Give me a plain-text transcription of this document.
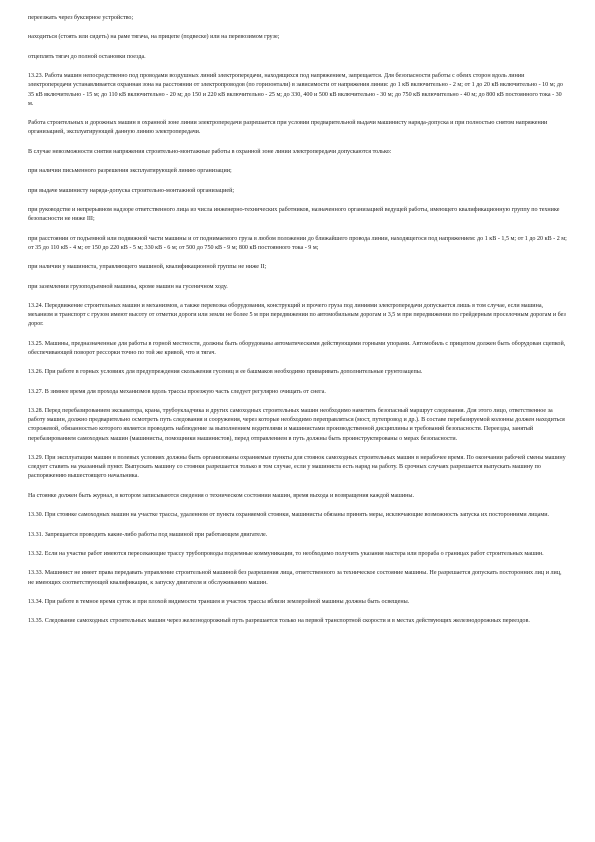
переезжать через буксирное устройство;

находиться (стоять или сидеть) на раме тягача, на прицепе (подвеске) или на перевозимом грузе;

отцеплять тягач до полной остановки поезда.

13.23. Работа машин непосредственно под проводами воздушных линий электропередачи, находящихся под напряжением, запрещается. Для безопасности работы с обеих сторон вдоль линии электропередачи устанавливается охранная зона на расстоянии от электропроводов (по горизонтали) в зависимости от напряжения линии: до 1 кВ включительно - 2 м; от 1 до 20 кВ включительно - 10 м; до 35 кВ включительно - 15 м; до 110 кВ включительно - 20 м; до 150 и 220 кВ включительно - 25 м; до 330, 400 и 500 кВ включительно - 30 м; до 750 кВ включительно - 40 м; до 800 кВ постоянного тока - 30 м.

Работа строительных и дорожных машин в охранной зоне линии электропередачи разрешается при условии предварительной выдачи машинисту наряда-допуска и при полностью снятом напряжении организацией, эксплуатирующей данную линию электропередачи.

В случае невозможности снятия напряжения строительно-монтажные работы в охранной зоне линии электропередачи допускаются только:

при наличии письменного разрешения эксплуатирующей линию организации;

при выдаче машинисту наряда-допуска строительно-монтажной организацией;

при руководстве и непрерывном надзоре ответственного лица из числа инженерно-технических работников, назначенного организацией ведущей работы, имеющего квалификационную группу по технике безопасности не ниже III;

при расстоянии от подъемной или подвижной части машины и от поднимаемого груза в любом положении до ближайшего провода линии, находящегося под напряжением: до 1 кВ - 1,5 м; от 1 до 20 кВ - 2 м; от 35 до 110 кВ - 4 м; от 150 до 220 кВ - 5 м; 330 кВ - 6 м; от 500 до 750 кВ - 9 м; 800 кВ постоянного тока - 9 м;

при наличии у машиниста, управляющего машиной, квалификационной группы не ниже II;

при заземлении грузоподъемной машины, кроме машин на гусеничном ходу.

13.24. Передвижение строительных машин и механизмов, а также перевозка оборудования, конструкций и прочего груза под линиями электропередачи допускается лишь в том случае, если машина, механизм и транспорт с грузом имеют высоту от отметки дороги или земли не более 5 м при передвижении по автомобильным дорогам и 3,5 м при передвижении по грейдерным проселочным дорогам и без дорог.

13.25. Машины, предназначенные для работы в горной местности, должны быть оборудованы автоматическими действующими горными упорами. Автомобиль с прицепом должен быть оборудован сцепкой, обеспечивающей поворот рессорки точно по той же кривой, что и тягач.

13.26. При работе в горных условиях для предупреждения скольжения гусениц и ее башмаков необходимо приваривать дополнительные грунтозацепы.

13.27. В зимнее время для прохода механизмов вдоль трассы проезжую часть следует регулярно очищать от снега.

13.28. Перед перебазированием экскаватора, крана, трубоукладчика и других самоходных строительных машин необходимо наметить безопасный маршрут следования. Для этого лицо, ответственное за работу машин, должно предварительно осмотреть путь следования и сооружения, через которые необходимо переправляться (мост, путепровод и др.). В составе перебазируемой колонны должен находиться сторожевой, обязанностью которого является проводить наблюдение за выполнением водителями и машинистами производственной дисциплины и требований безопасности. Переезды, занятый перебазированием самоходных машин (машинисты, помощники машинистов), перед отправлением в путь должны быть проинструктированы о мерах безопасности.

13.29. При эксплуатации машин в полевых условиях должны быть организованы охраняемые пункты для стоянок самоходных строительных машин в нерабочее время. По окончании рабочей смены машину следует ставить на указанный пункт. Выпускать машину со стоянки разрешается только в том случае, если у машиниста есть наряд на работу. В срочных случаях разрешается выпускать машину по распоряжению вышестоящего начальника.

На стоянке должен быть журнал, в котором записываются сведения о техническом состоянии машин, время выхода и возвращения каждой машины.

13.30. При стоянке самоходных машин на участке трассы, удаленном от пункта охраняемой стоянки, машинисты обязаны принять меры, исключающие возможность запуска их посторонними лицами.

13.31. Запрещается проводить какие-либо работы под машиной при работающем двигателе.

13.32. Если на участке работ имеются пересекающие трассу трубопроводы подземные коммуникации, то необходимо получить указания мастера или прораба о границах работ строительных машин.

13.33. Машинист не имеет права передавать управление строительной машиной без разрешения лица, ответственного за техническое состояние машины. Не разрешается допускать посторонних лиц и лиц, не имеющих соответствующей квалификации, к запуску двигателя и обслуживанию машин.

13.34. При работе в темное время суток и при плохой видимости траншея и участок трассы вблизи землеройной машины должны быть освещены.

13.35. Следование самоходных строительных машин через железнодорожный путь разрешается только на первой транспортной скорости и в местах действующих железнодорожных переездов.
